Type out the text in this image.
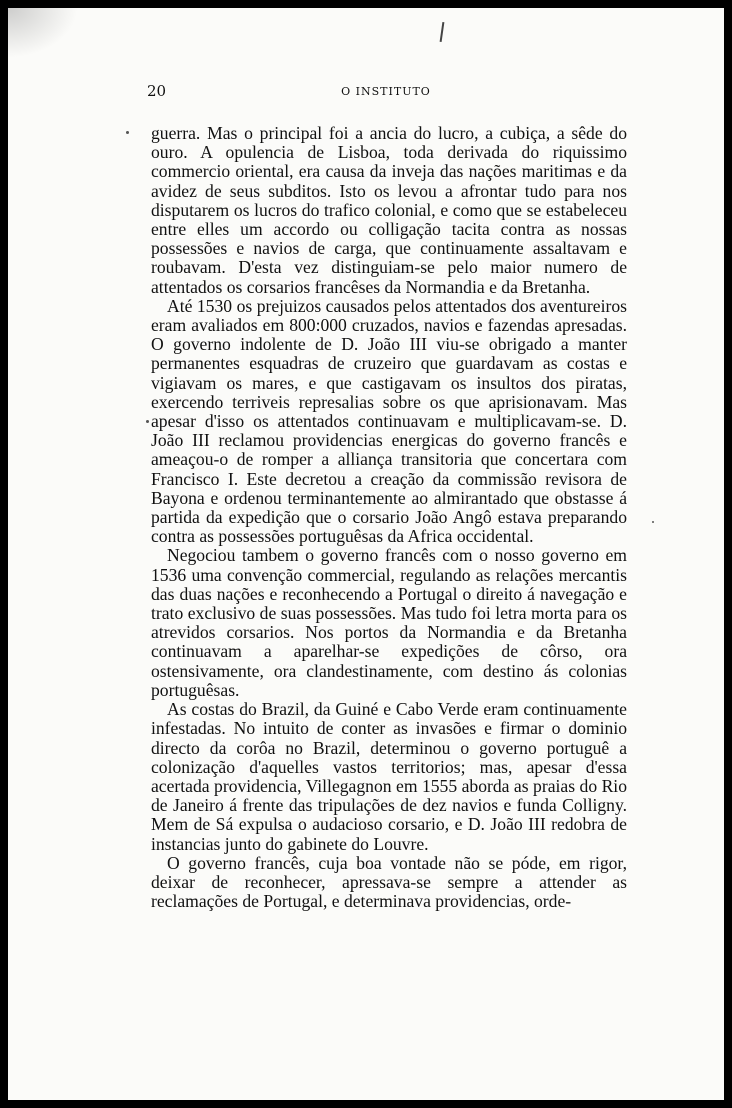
20	O INSTITUTO

guerra. Mas o principal foi a ancia do lucro, a cubiça, a sêde do ouro. A opulencia de Lisboa, toda derivada do riquissimo commercio oriental, era causa da inveja das nações maritimas e da avidez de seus subditos. Isto os levou a afrontar tudo para nos disputarem os lucros do trafico colonial, e como que se estabeleceu entre elles um accordo ou colligação tacita contra as nossas possessões e navios de carga, que continuamente assaltavam e roubavam. D'esta vez distinguiam-se pelo maior numero de attentados os corsarios francêses da Normandia e da Bretanha.

Até 1530 os prejuizos causados pelos attentados dos aventureiros eram avaliados em 800:000 cruzados, navios e fazendas apresadas. O governo indolente de D. João III viu-se obrigado a manter permanentes esquadras de cruzeiro que guardavam as costas e vigiavam os mares, e que castigavam os insultos dos piratas, exercendo terriveis represalias sobre os que aprisionavam. Mas apesar d'isso os attentados continuavam e multiplicavam-se. D. João III reclamou providencias energicas do governo francês e ameaçou-o de romper a alliança transitoria que concertara com Francisco I. Este decretou a creação da commissão revisora de Bayona e ordenou terminantemente ao almirantado que obstasse á partida da expedição que o corsario João Angô estava preparando contra as possessões portuguêsas da Africa occidental.

Negociou tambem o governo francês com o nosso governo em 1536 uma convenção commercial, regulando as relações mercantis das duas nações e reconhecendo a Portugal o direito á navegação e trato exclusivo de suas possessões. Mas tudo foi letra morta para os atrevidos corsarios. Nos portos da Normandia e da Bretanha continuavam a aparelhar-se expedições de côrso, ora ostensivamente, ora clandestinamente, com destino ás colonias portuguêsas.

As costas do Brazil, da Guiné e Cabo Verde eram continuamente infestadas. No intuito de conter as invasões e firmar o dominio directo da corôa no Brazil, determinou o governo portuguê a colonização d'aquelles vastos territorios; mas, apesar d'essa acertada providencia, Villegagnon em 1555 aborda as praias do Rio de Janeiro á frente das tripulações de dez navios e funda Colligny. Mem de Sá expulsa o audacioso corsario, e D. João III redobra de instancias junto do gabinete do Louvre.

O governo francês, cuja boa vontade não se póde, em rigor, deixar de reconhecer, apressava-se sempre a attender as reclamações de Portugal, e determinava providencias, orde-
